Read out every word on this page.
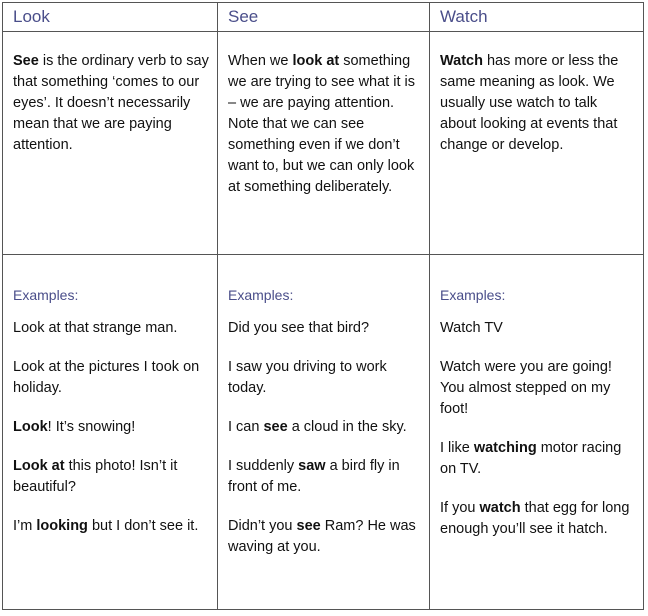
Look	See	Watch
See is the ordinary verb to say that something ‘comes to our eyes’. It doesn’t necessarily mean that we are paying attention.
When we look at something we are trying to see what it is – we are paying attention. Note that we can see something even if we don’t want to, but we can only look at something deliberately.
Watch has more or less the same meaning as look. We usually use watch to talk about looking at events that change or develop.
Examples:
Look at that strange man.
Look at the pictures I took on holiday.
Look! It’s snowing!
Look at this photo! Isn’t it beautiful?
I’m looking but I don’t see it.
Examples:
Did you see that bird?
I saw you driving to work today.
I can see a cloud in the sky.
I suddenly saw a bird fly in front of me.
Didn’t you see Ram? He was waving at you.
Examples:
Watch TV
Watch were you are going! You almost stepped on my foot!
I like watching motor racing on TV.
If you watch that egg for long enough you’ll see it hatch.
